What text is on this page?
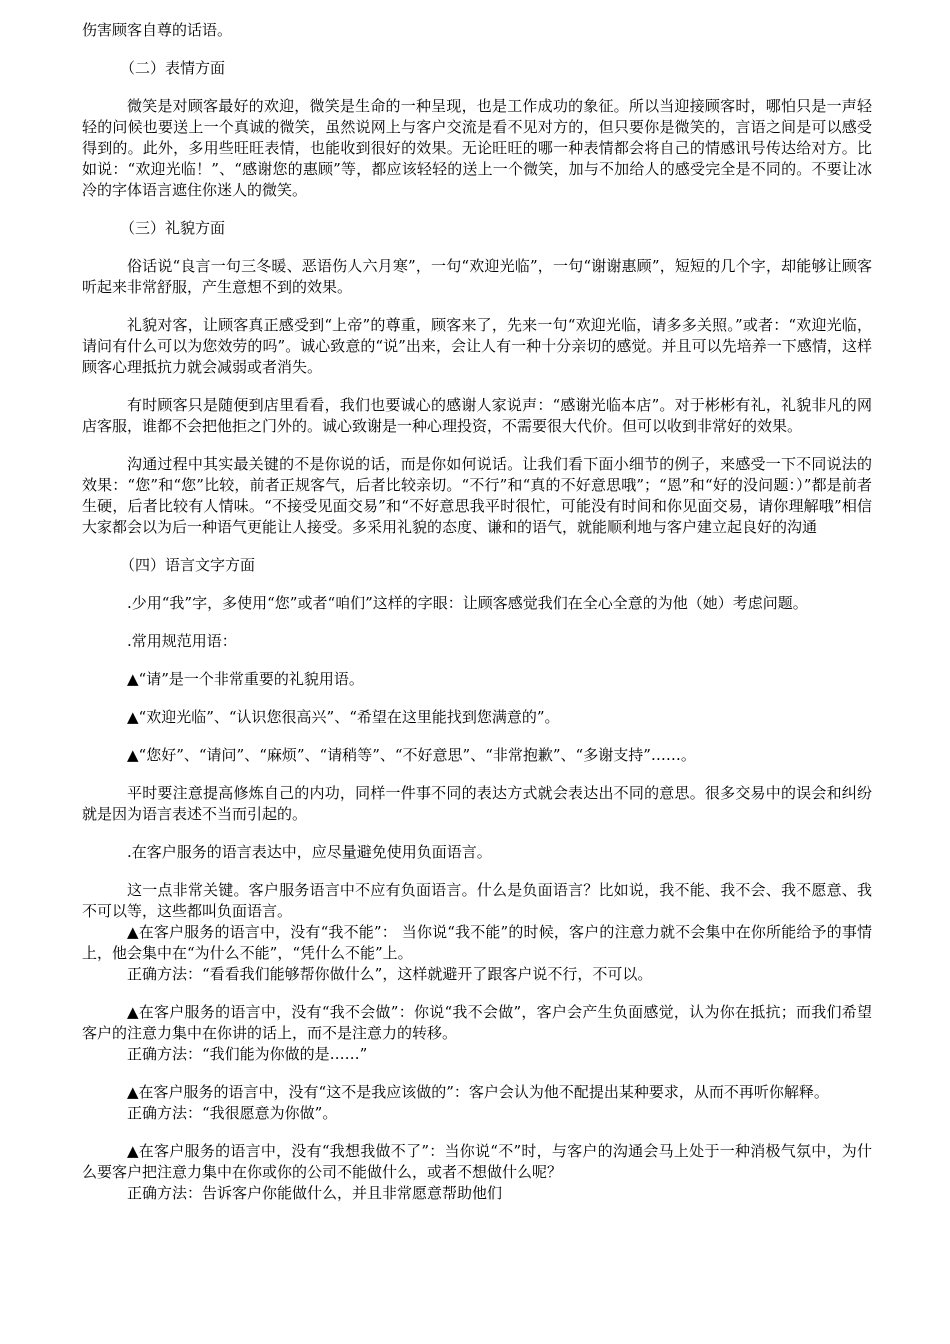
伤害顾客自尊的话语。

（二）表情方面

微笑是对顾客最好的欢迎，微笑是生命的一种呈现，也是工作成功的象征。所以当迎接顾客时，哪怕只是一声轻轻的问候也要送上一个真诚的微笑，虽然说网上与客户交流是看不见对方的，但只要你是微笑的，言语之间是可以感受得到的。此外，多用些旺旺表情，也能收到很好的效果。无论旺旺的哪一种表情都会将自己的情感讯号传达给对方。比如说：“欢迎光临！”、“感谢您的惠顾”等，都应该轻轻的送上一个微笑，加与不加给人的感受完全是不同的。不要让冰冷的字体语言遮住你迷人的微笑。

（三）礼貌方面

俗话说“良言一句三冬暖、恶语伤人六月寒”，一句“欢迎光临”，一句“谢谢惠顾”，短短的几个字，却能够让顾客听起来非常舒服，产生意想不到的效果。

礼貌对客，让顾客真正感受到“上帝”的尊重，顾客来了，先来一句“欢迎光临，请多多关照。”或者：“欢迎光临，请问有什么可以为您效劳的吗”。诚心致意的“说”出来，会让人有一种十分亲切的感觉。并且可以先培养一下感情，这样顾客心理抵抗力就会减弱或者消失。

有时顾客只是随便到店里看看，我们也要诚心的感谢人家说声：“感谢光临本店”。对于彬彬有礼，礼貌非凡的网店客服，谁都不会把他拒之门外的。诚心致谢是一种心理投资，不需要很大代价。但可以收到非常好的效果。

沟通过程中其实最关键的不是你说的话，而是你如何说话。让我们看下面小细节的例子，来感受一下不同说法的效果：“您”和“您”比较，前者正规客气，后者比较亲切。“不行”和“真的不好意思哦”；“恩”和“好的没问题：）”都是前者生硬，后者比较有人情味。“不接受见面交易”和“不好意思我平时很忙，可能没有时间和你见面交易，请你理解哦”相信大家都会以为后一种语气更能让人接受。多采用礼貌的态度、谦和的语气，就能顺利地与客户建立起良好的沟通

（四）语言文字方面

.少用“我”字，多使用“您”或者“咱们”这样的字眼：让顾客感觉我们在全心全意的为他（她）考虑问题。

.常用规范用语：

▲“请”是一个非常重要的礼貌用语。

▲“欢迎光临”、“认识您很高兴”、“希望在这里能找到您满意的”。

▲“您好”、“请问”、“麻烦”、“请稍等”、“不好意思”、“非常抱歉”、“多谢支持”……。

平时要注意提高修炼自己的内功，同样一件事不同的表达方式就会表达出不同的意思。很多交易中的误会和纠纷就是因为语言表述不当而引起的。

.在客户服务的语言表达中，应尽量避免使用负面语言。

这一点非常关键。客户服务语言中不应有负面语言。什么是负面语言？比如说，我不能、我不会、我不愿意、我不可以等，这些都叫负面语言。

▲在客户服务的语言中，没有“我不能”： 当你说“我不能”的时候，客户的注意力就不会集中在你所能给予的事情上，他会集中在“为什么不能”，“凭什么不能”上。

正确方法：“看看我们能够帮你做什么”，这样就避开了跟客户说不行，不可以。

▲在客户服务的语言中，没有“我不会做”：你说“我不会做”，客户会产生负面感觉，认为你在抵抗；而我们希望客户的注意力集中在你讲的话上，而不是注意力的转移。

正确方法：“我们能为你做的是……”

▲在客户服务的语言中，没有“这不是我应该做的”：客户会认为他不配提出某种要求，从而不再听你解释。

正确方法：“我很愿意为你做”。

▲在客户服务的语言中，没有“我想我做不了”：当你说“不”时，与客户的沟通会马上处于一种消极气氛中，为什么要客户把注意力集中在你或你的公司不能做什么，或者不想做什么呢？

正确方法：告诉客户你能做什么，并且非常愿意帮助他们
